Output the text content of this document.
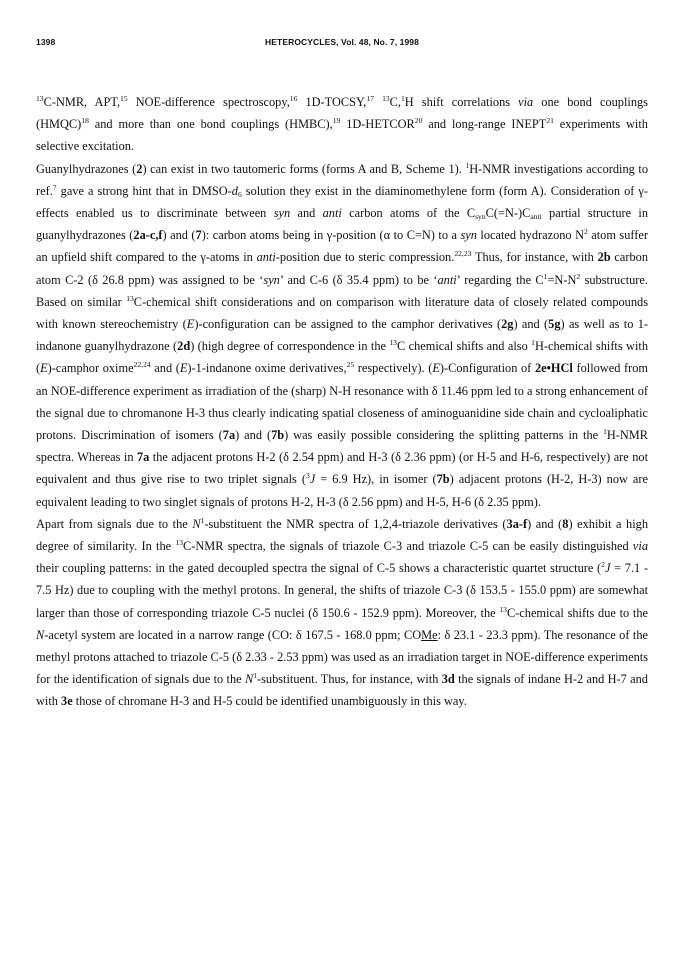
1398	HETEROCYCLES, Vol. 48, No. 7, 1998

$^{13}$C-NMR, APT,$^{15}$ NOE-difference spectroscopy,$^{16}$ 1D-TOCSY,$^{17}$ $^{13}$C,$^1$H shift correlations via one bond couplings (HMQC)$^{18}$ and more than one bond couplings (HMBC),$^{19}$ 1D-HETCOR$^{20}$ and long-range INEPT$^{21}$ experiments with selective excitation.

Guanylhydrazones (2) can exist in two tautomeric forms (forms A and B, Scheme 1). $^1$H-NMR investigations according to ref.$^7$ gave a strong hint that in DMSO-$d_6$ solution they exist in the diaminomethylene form (form A). Consideration of γ-effects enabled us to discriminate between syn and anti carbon atoms of the $C_{syn}C(=N-)C_{anti}$ partial structure in guanylhydrazones (2a-c,f) and (7): carbon atoms being in γ-position (α to C=N) to a syn located hydrazono $N^2$ atom suffer an upfield shift compared to the γ-atoms in anti-position due to steric compression.$^{22,23}$ Thus, for instance, with 2b carbon atom C-2 (δ 26.8 ppm) was assigned to be ‘syn’ and C-6 (δ 35.4 ppm) to be ‘anti’ regarding the $C^1=N-N^2$ substructure. Based on similar $^{13}$C-chemical shift considerations and on comparison with literature data of closely related compounds with known stereochemistry (E)-configuration can be assigned to the camphor derivatives (2g) and (5g) as well as to 1-indanone guanylhydrazone (2d) (high degree of correspondence in the $^{13}$C chemical shifts and also $^1$H-chemical shifts with (E)-camphor oxime$^{22,24}$ and (E)-1-indanone oxime derivatives,$^{25}$ respectively). (E)-Configuration of 2e•HCl followed from an NOE-difference experiment as irradiation of the (sharp) N-H resonance with δ 11.46 ppm led to a strong enhancement of the signal due to chromanone H-3 thus clearly indicating spatial closeness of aminoguanidine side chain and cycloaliphatic protons. Discrimination of isomers (7a) and (7b) was easily possible considering the splitting patterns in the $^1$H-NMR spectra. Whereas in 7a the adjacent protons H-2 (δ 2.54 ppm) and H-3 (δ 2.36 ppm) (or H-5 and H-6, respectively) are not equivalent and thus give rise to two triplet signals ($^3$J = 6.9 Hz), in isomer (7b) adjacent protons (H-2, H-3) now are equivalent leading to two singlet signals of protons H-2, H-3 (δ 2.56 ppm) and H-5, H-6 (δ 2.35 ppm).

Apart from signals due to the $N^1$-substituent the NMR spectra of 1,2,4-triazole derivatives (3a-f) and (8) exhibit a high degree of similarity. In the $^{13}$C-NMR spectra, the signals of triazole C-3 and triazole C-5 can be easily distinguished via their coupling patterns: in the gated decoupled spectra the signal of C-5 shows a characteristic quartet structure ($^2$J = 7.1 - 7.5 Hz) due to coupling with the methyl protons. In general, the shifts of triazole C-3 (δ 153.5 - 155.0 ppm) are somewhat larger than those of corresponding triazole C-5 nuclei (δ 150.6 - 152.9 ppm). Moreover, the $^{13}$C-chemical shifts due to the N-acetyl system are located in a narrow range (CO: δ 167.5 - 168.0 ppm; COMe: δ 23.1 - 23.3 ppm). The resonance of the methyl protons attached to triazole C-5 (δ 2.33 - 2.53 ppm) was used as an irradiation target in NOE-difference experiments for the identification of signals due to the $N^1$-substituent. Thus, for instance, with 3d the signals of indane H-2 and H-7 and with 3e those of chromane H-3 and H-5 could be identified unambiguously in this way.
